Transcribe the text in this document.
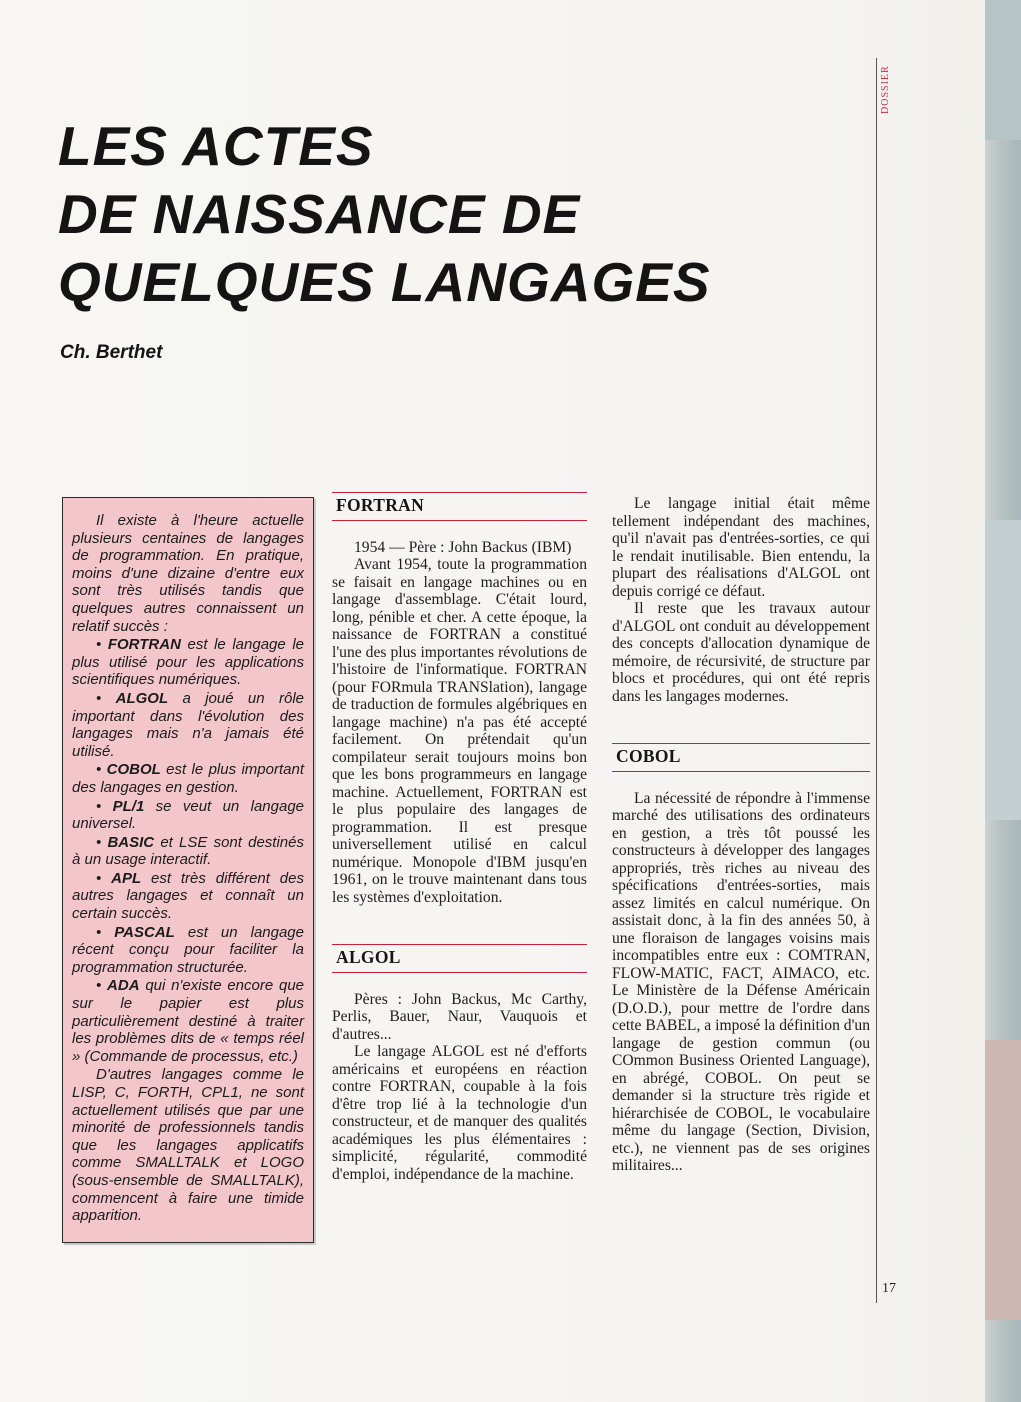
DOSSIER
17
LES ACTES
DE NAISSANCE DE
QUELQUES LANGAGES
Ch. Berthet

Il existe à l'heure actuelle plusieurs centaines de langages de programmation. En pratique, moins d'une dizaine d'entre eux sont très utilisés tandis que quelques autres connaissent un relatif succès :

• FORTRAN est le langage le plus utilisé pour les applications scientifiques numériques.

• ALGOL a joué un rôle important dans l'évolution des langages mais n'a jamais été utilisé.

• COBOL est le plus important des langages en gestion.

• PL/1 se veut un langage universel.

• BASIC et LSE sont destinés à un usage interactif.

• APL est très différent des autres langages et connaît un certain succès.

• PASCAL est un langage récent conçu pour faciliter la programmation structurée.

• ADA qui n'existe encore que sur le papier est plus particulièrement destiné à traiter les problèmes dits de « temps réel » (Commande de processus, etc.)

D'autres langages comme le LISP, C, FORTH, CPL1, ne sont actuellement utilisés que par une minorité de professionnels tandis que les langages applicatifs comme SMALLTALK et LOGO (sous-ensemble de SMALLTALK), commencent à faire une timide apparition.

FORTRAN

1954 — Père : John Backus (IBM)

Avant 1954, toute la programmation se faisait en langage machines ou en langage d'assemblage. C'était lourd, long, pénible et cher. A cette époque, la naissance de FORTRAN a constitué l'une des plus importantes révolutions de l'histoire de l'informatique. FORTRAN (pour FORmula TRANSlation), langage de traduction de formules algébriques en langage machine) n'a pas été accepté facilement. On prétendait qu'un compilateur serait toujours moins bon que les bons programmeurs en langage machine. Actuellement, FORTRAN est le plus populaire des langages de programmation. Il est presque universellement utilisé en calcul numérique. Monopole d'IBM jusqu'en 1961, on le trouve maintenant dans tous les systèmes d'exploitation.

ALGOL

Pères : John Backus, Mc Carthy, Perlis, Bauer, Naur, Vauquois et d'autres...

Le langage ALGOL est né d'efforts américains et européens en réaction contre FORTRAN, coupable à la fois d'être trop lié à la technologie d'un constructeur, et de manquer des qualités académiques les plus élémentaires : simplicité, régularité, commodité d'emploi, indépendance de la machine.

Le langage initial était même tellement indépendant des machines, qu'il n'avait pas d'entrées-sorties, ce qui le rendait inutilisable. Bien entendu, la plupart des réalisations d'ALGOL ont depuis corrigé ce défaut.

Il reste que les travaux autour d'ALGOL ont conduit au développement des concepts d'allocation dynamique de mémoire, de récursivité, de structure par blocs et procédures, qui ont été repris dans les langages modernes.

COBOL

La nécessité de répondre à l'immense marché des utilisations des ordinateurs en gestion, a très tôt poussé les constructeurs à développer des langages appropriés, très riches au niveau des spécifications d'entrées-sorties, mais assez limités en calcul numérique. On assistait donc, à la fin des années 50, à une floraison de langages voisins mais incompatibles entre eux : COMTRAN, FLOW-MATIC, FACT, AIMACO, etc. Le Ministère de la Défense Américain (D.O.D.), pour mettre de l'ordre dans cette BABEL, a imposé la définition d'un langage de gestion commun (ou COmmon Business Oriented Language), en abrégé, COBOL. On peut se demander si la structure très rigide et hiérarchisée de COBOL, le vocabulaire même du langage (Section, Division, etc.), ne viennent pas de ses origines militaires...
